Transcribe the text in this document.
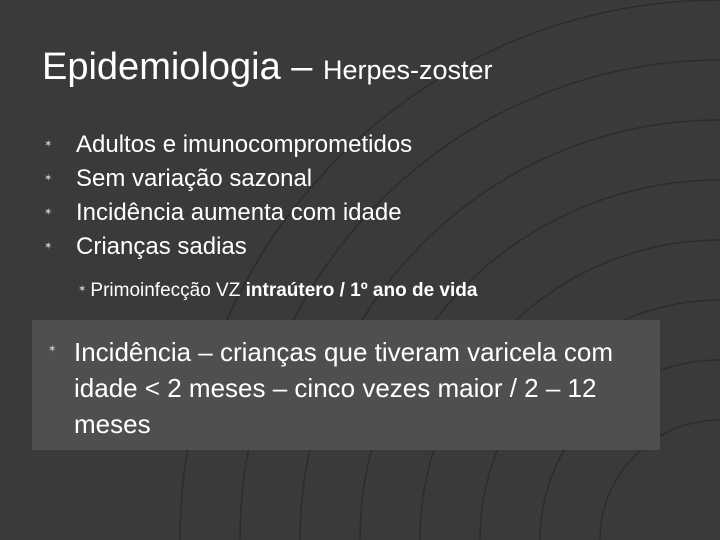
Epidemiologia – Herpes-zoster
✶ Adultos e imunocomprometidos
✶ Sem variação sazonal
✶ Incidência aumenta com idade
✶ Crianças sadias
✶ Primoinfecção VZ intraútero / 1º ano de vida
✶ Incidência – crianças que tiveram varicela com idade < 2 meses – cinco vezes maior / 2 – 12 meses
